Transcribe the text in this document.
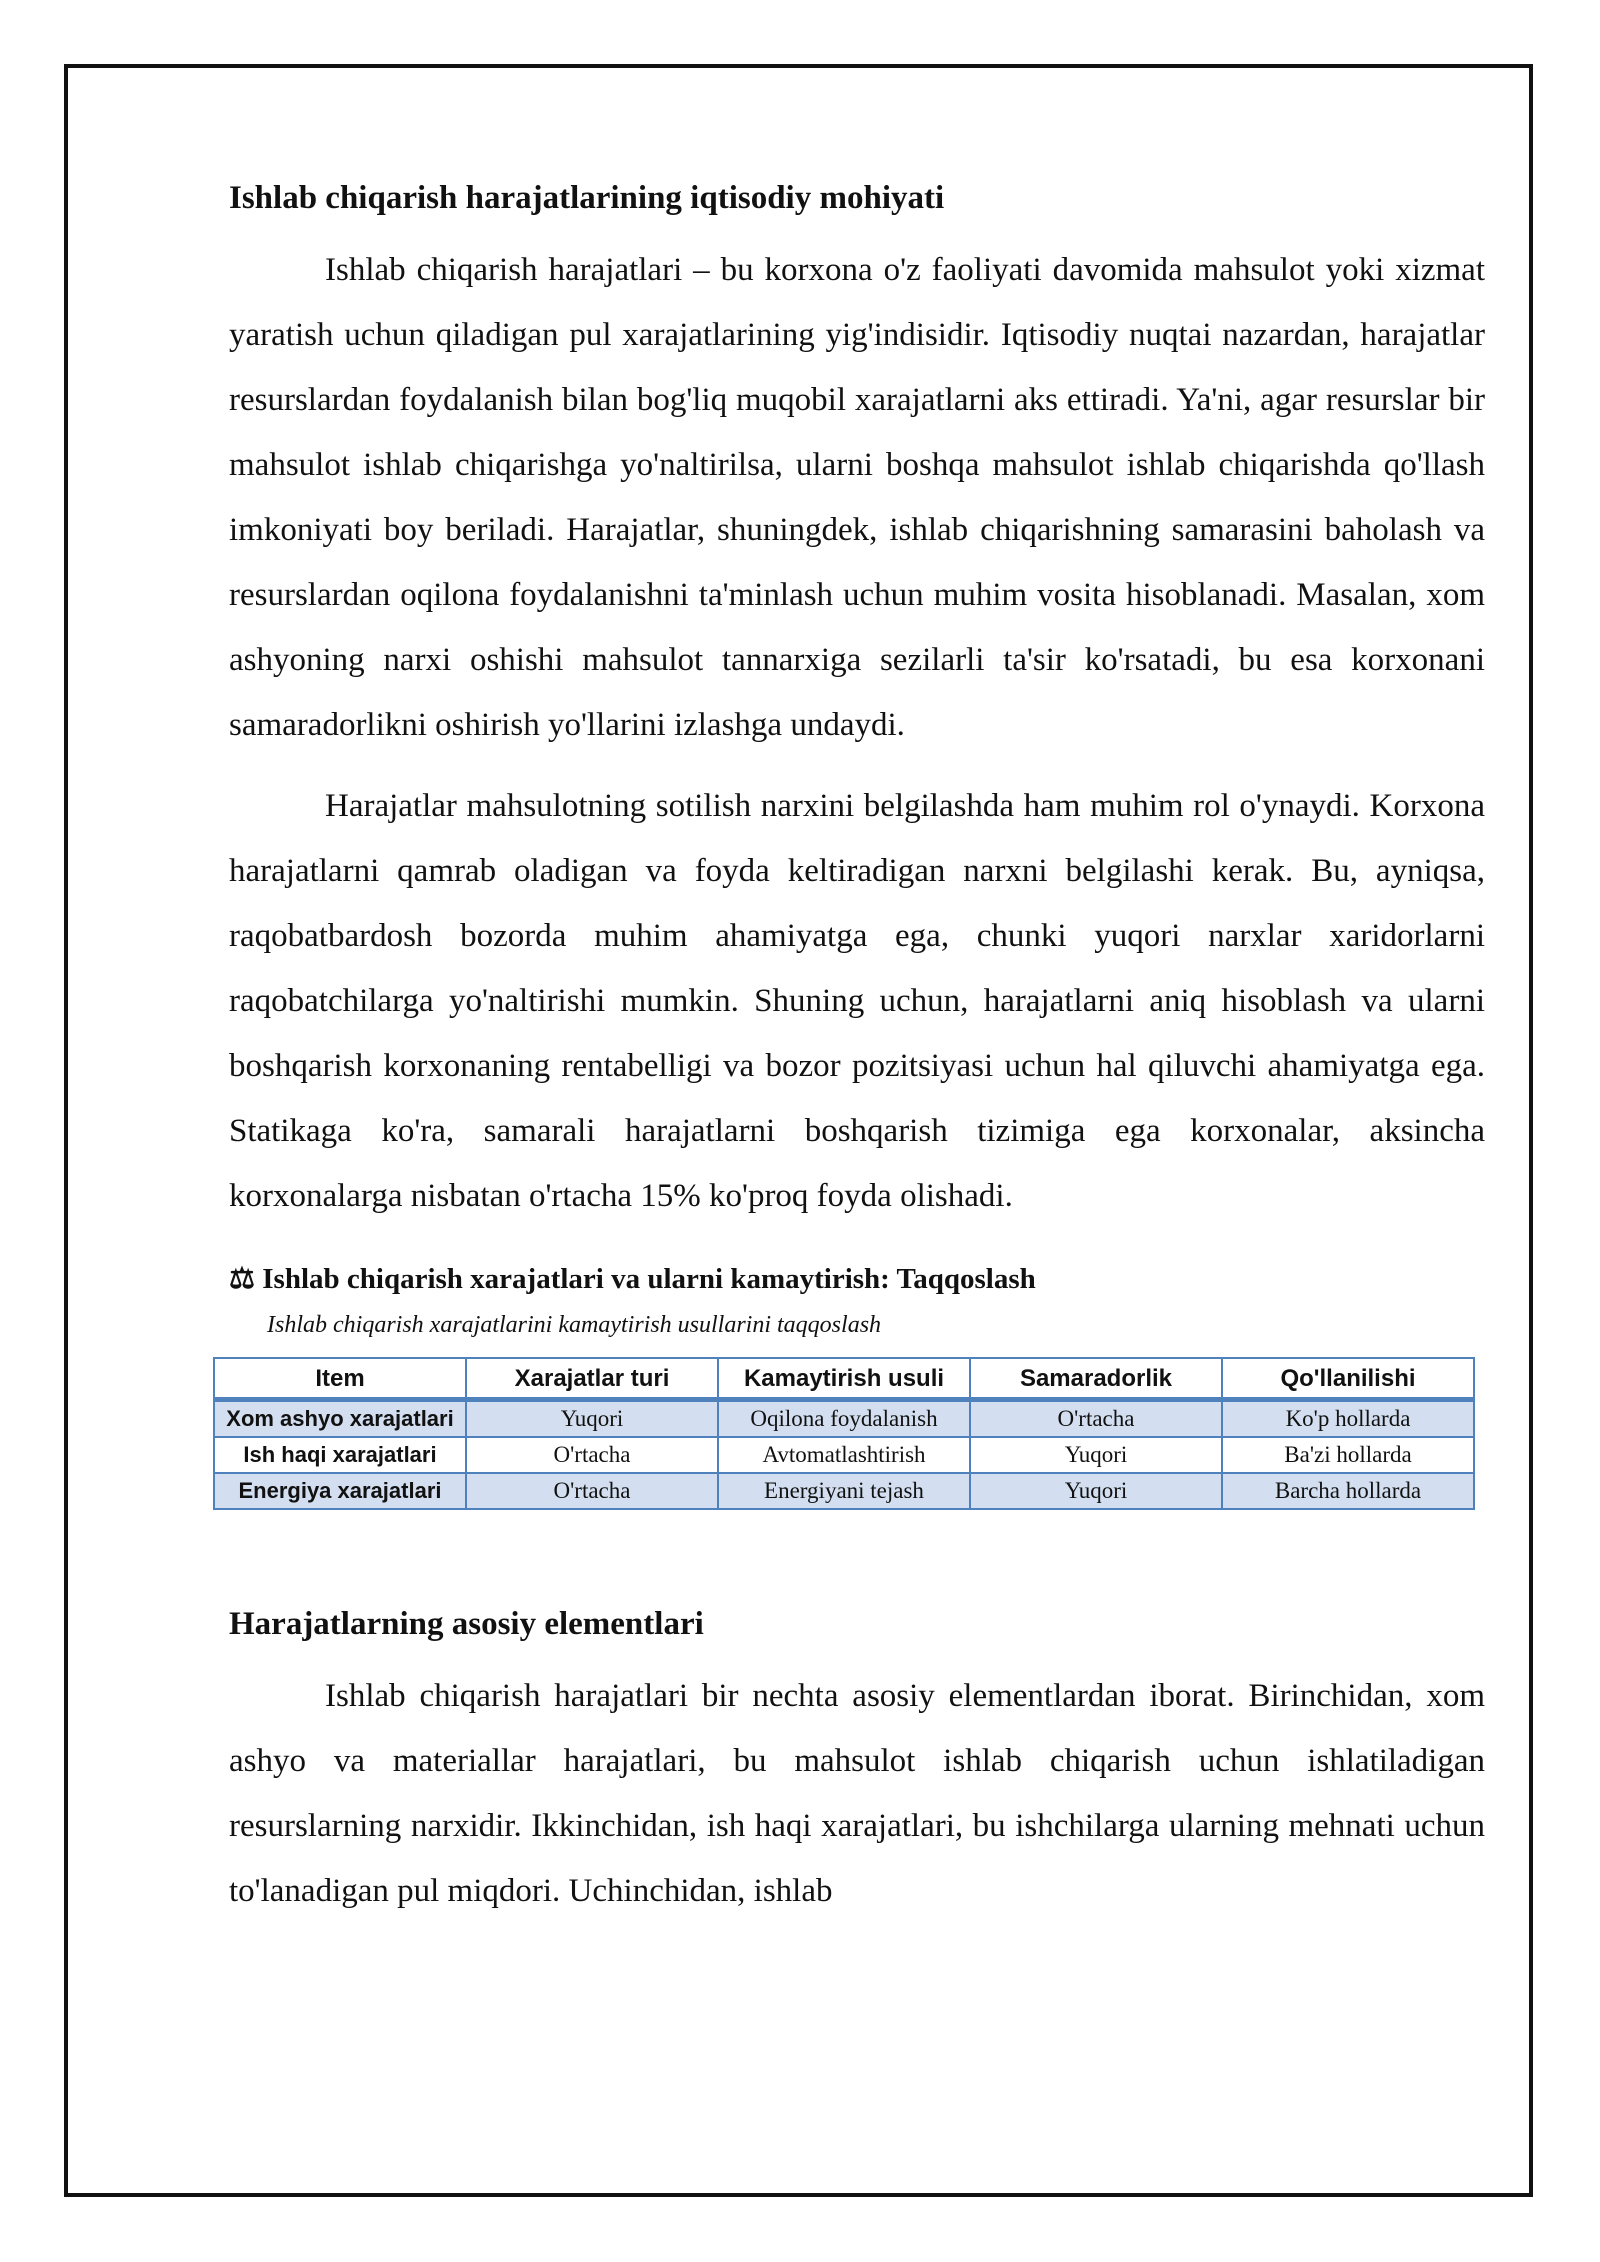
Ishlab chiqarish harajatlarining iqtisodiy mohiyati

Ishlab chiqarish harajatlari – bu korxona o'z faoliyati davomida mahsulot yoki xizmat yaratish uchun qiladigan pul xarajatlarining yig'indisidir. Iqtisodiy nuqtai nazardan, harajatlar resurslardan foydalanish bilan bog'liq muqobil xarajatlarni aks ettiradi. Ya'ni, agar resurslar bir mahsulot ishlab chiqarishga yo'naltirilsa, ularni boshqa mahsulot ishlab chiqarishda qo'llash imkoniyati boy beriladi. Harajatlar, shuningdek, ishlab chiqarishning samarasini baholash va resurslardan oqilona foydalanishni ta'minlash uchun muhim vosita hisoblanadi. Masalan, xom ashyoning narxi oshishi mahsulot tannarxiga sezilarli ta'sir ko'rsatadi, bu esa korxonani samaradorlikni oshirish yo'llarini izlashga undaydi.

Harajatlar mahsulotning sotilish narxini belgilashda ham muhim rol o'ynaydi. Korxona harajatlarni qamrab oladigan va foyda keltiradigan narxni belgilashi kerak. Bu, ayniqsa, raqobatbardosh bozorda muhim ahamiyatga ega, chunki yuqori narxlar xaridorlarni raqobatchilarga yo'naltirishi mumkin. Shuning uchun, harajatlarni aniq hisoblash va ularni boshqarish korxonaning rentabelligi va bozor pozitsiyasi uchun hal qiluvchi ahamiyatga ega. Statikaga ko'ra, samarali harajatlarni boshqarish tizimiga ega korxonalar, aksincha korxonalarga nisbatan o'rtacha 15% ko'proq foyda olishadi.

⚖ Ishlab chiqarish xarajatlari va ularni kamaytirish: Taqqoslash
Ishlab chiqarish xarajatlarini kamaytirish usullarini taqqoslash
Item	Xarajatlar turi	Kamaytirish usuli	Samaradorlik	Qo'llanilishi
Xom ashyo xarajatlari	Yuqori	Oqilona foydalanish	O'rtacha	Ko'p hollarda
Ish haqi xarajatlari	O'rtacha	Avtomatlashtirish	Yuqori	Ba'zi hollarda
Energiya xarajatlari	O'rtacha	Energiyani tejash	Yuqori	Barcha hollarda
Harajatlarning asosiy elementlari

Ishlab chiqarish harajatlari bir nechta asosiy elementlardan iborat. Birinchidan, xom ashyo va materiallar harajatlari, bu mahsulot ishlab chiqarish uchun ishlatiladigan resurslarning narxidir. Ikkinchidan, ish haqi xarajatlari, bu ishchilarga ularning mehnati uchun to'lanadigan pul miqdori. Uchinchidan, ishlab
